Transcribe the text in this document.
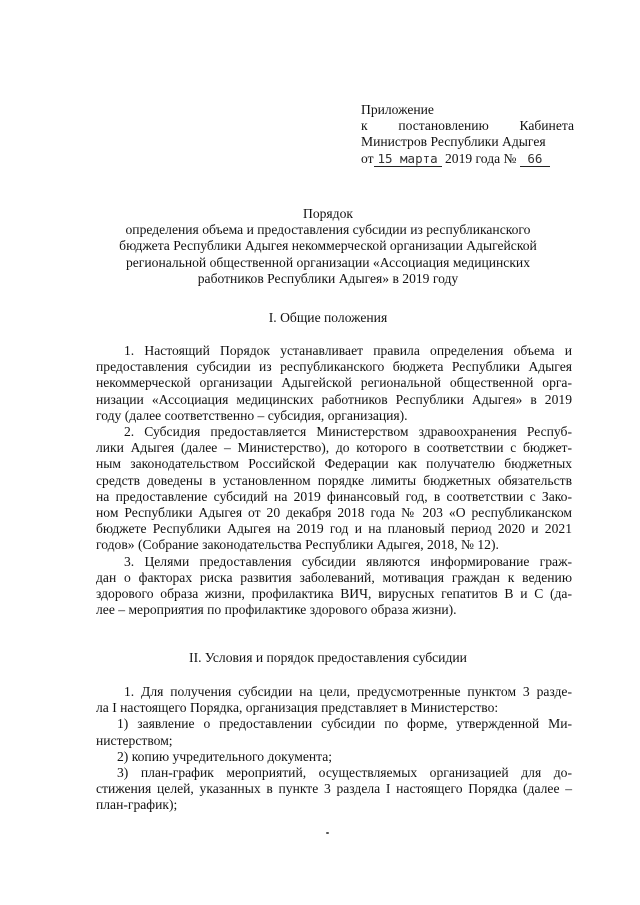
Приложение
к постановлению Кабинета
Министров Республики Адыгея
от 15 марта 2019 года № 66
Порядок
определения объема и предоставления субсидии из республиканского
бюджета Республики Адыгея некоммерческой организации Адыгейской
региональной общественной организации «Ассоциация медицинских
работников Республики Адыгея» в 2019 году
I. Общие положения
1. Настоящий Порядок устанавливает правила определения объема и
предоставления субсидии из республиканского бюджета Республики Адыгея
некоммерческой организации Адыгейской региональной общественной орга-
низации «Ассоциация медицинских работников Республики Адыгея» в 2019
году (далее соответственно – субсидия, организация).
2. Субсидия предоставляется Министерством здравоохранения Респуб-
лики Адыгея (далее – Министерство), до которого в соответствии с бюджет-
ным законодательством Российской Федерации как получателю бюджетных
средств доведены в установленном порядке лимиты бюджетных обязательств
на предоставление субсидий на 2019 финансовый год, в соответствии с Зако-
ном Республики Адыгея от 20 декабря 2018 года № 203 «О республиканском
бюджете Республики Адыгея на 2019 год и на плановый период 2020 и 2021
годов» (Собрание законодательства Республики Адыгея, 2018, № 12).
3. Целями предоставления субсидии являются информирование граж-
дан о факторах риска развития заболеваний, мотивация граждан к ведению
здорового образа жизни, профилактика ВИЧ, вирусных гепатитов В и С (да-
лее – мероприятия по профилактике здорового образа жизни).
II. Условия и порядок предоставления субсидии
1. Для получения субсидии на цели, предусмотренные пунктом 3 разде-
ла I настоящего Порядка, организация представляет в Министерство:
1) заявление о предоставлении субсидии по форме, утвержденной Ми-
нистерством;
2) копию учредительного документа;
3) план-график мероприятий, осуществляемых организацией для до-
стижения целей, указанных в пункте 3 раздела I настоящего Порядка (далее –
план-график);
